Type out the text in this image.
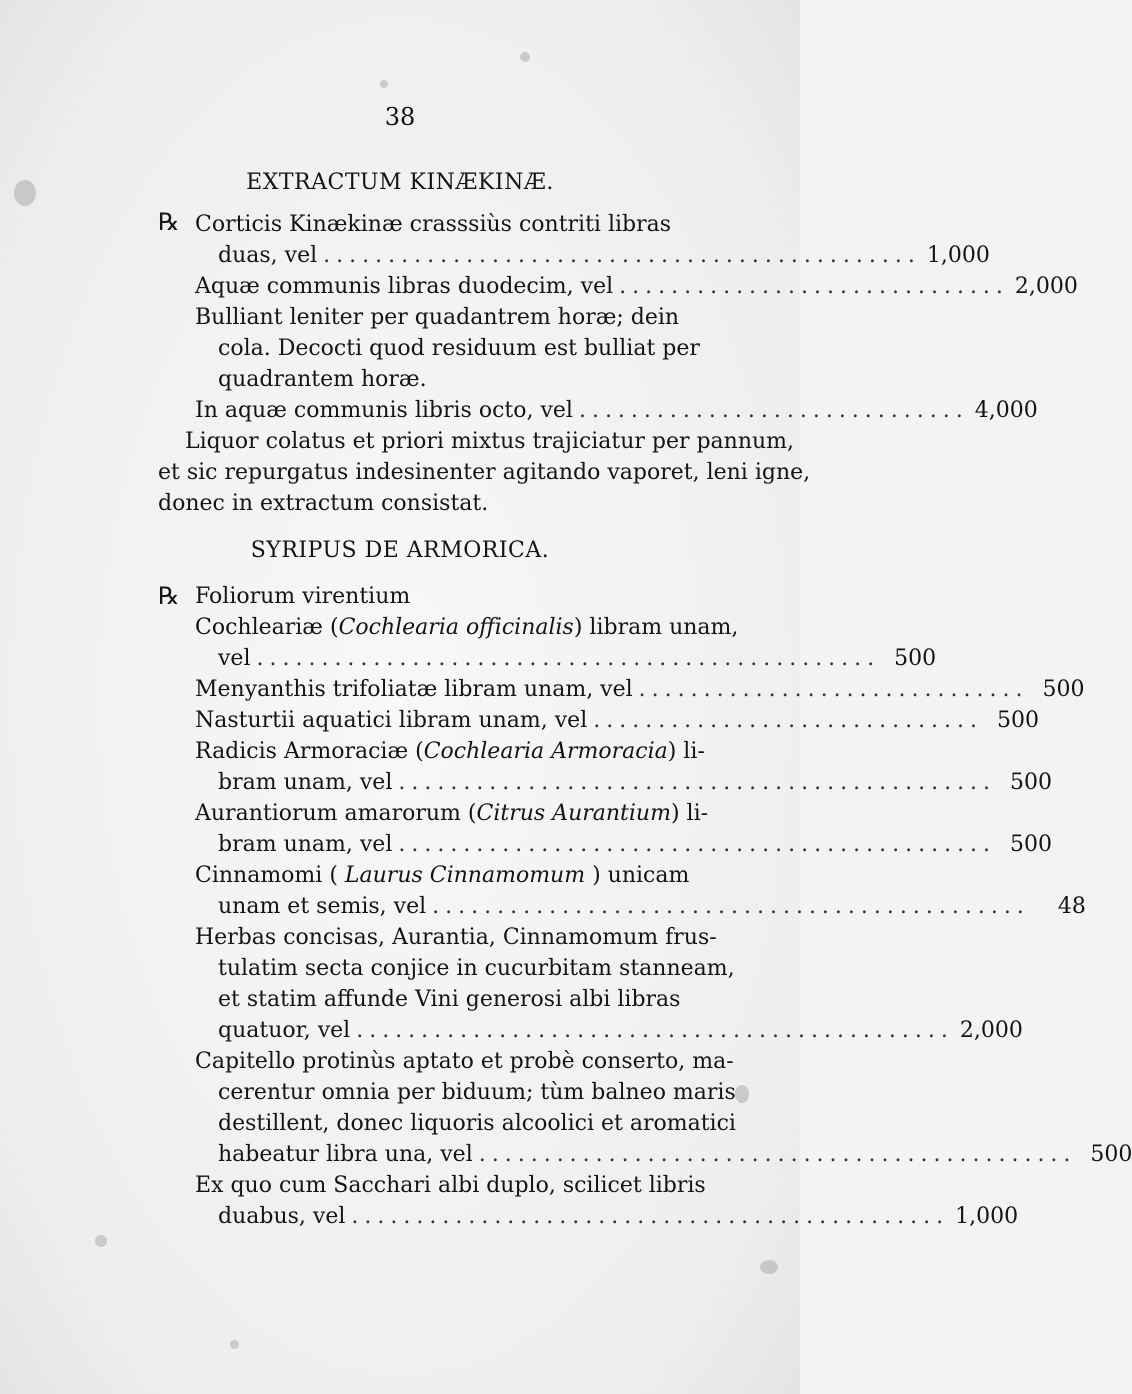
38
EXTRACTUM KINÆKINÆ.
℞ Corticis Kinækinæ crasssiùs contriti libras
duas, vel .............................................. 1,000
Aquæ communis libras duodecim, vel .............................. 2,000
Bulliant leniter per quadantrem horæ; dein
cola. Decocti quod residuum est bulliat per
quadrantem horæ.
In aquæ communis libris octo, vel .............................. 4,000
Liquor colatus et priori mixtus trajiciatur per pannum,
et sic repurgatus indesinenter agitando vaporet, leni igne,
donec in extractum consistat.
SYRIPUS DE ARMORICA.
℞ Foliorum virentium
Cochleariæ (Cochlearia officinalis) libram unam,
vel ................................................ 500
Menyanthis trifoliatæ libram unam, vel .............................. 500
Nasturtii aquatici libram unam, vel .............................. 500
Radicis Armoraciæ (Cochlearia Armoracia) li-
bram unam, vel .............................................. 500
Aurantiorum amarorum (Citrus Aurantium) li-
bram unam, vel .............................................. 500
Cinnamomi ( Laurus Cinnamomum ) unicam
unam et semis, vel ..............................................	48
Herbas concisas, Aurantia, Cinnamomum frus-
tulatim secta conjice in cucurbitam stanneam,
et statim affunde Vini generosi albi libras
quatuor, vel .............................................. 2,000
Capitello protinùs aptato et probè conserto, ma-
cerentur omnia per biduum; tùm balneo maris
destillent, donec liquoris alcoolici et aromatici
habeatur libra una, vel .............................................. 500
Ex quo cum Sacchari albi duplo, scilicet libris
duabus, vel .............................................. 1,000
